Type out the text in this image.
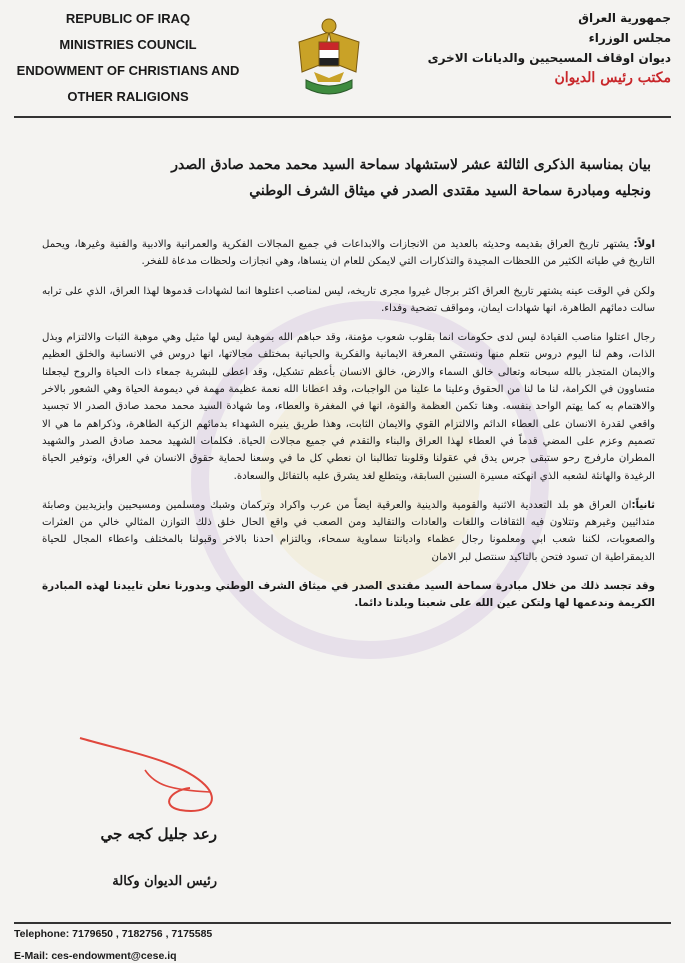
REPUBLIC OF IRAQ
MINISTRIES COUNCIL
ENDOWMENT OF CHRISTIANS AND
OTHER RALIGIONS
جمهورية العراق
مجلس الوزراء
ديوان اوقاف المسيحيين والديانات الاخرى
مكتب رئيس الديوان
بيان بمناسبة الذكرى الثالثة عشر لاستشهاد سماحة السيد محمد محمد صادق الصدر
ونجليه ومبادرة سماحة السيد مقتدى الصدر في ميثاق الشرف الوطني

اولاً: يشتهر تاريخ العراق بقديمه وحديثه بالعديد من الانجازات والابداعات في جميع المجالات الفكرية والعمرانية والادبية والفنية وغيرها، ويحمل التاريخ في طياته الكثير من اللحظات المجيدة والتذكارات التي لايمكن للعام ان ينساها، وهي انجازات ولحظات مدعاة للفخر.

ولكن في الوقت عينه يشتهر تاريخ العراق اكثر برجال غيروا مجرى تاريخه، ليس لمناصب اعتلوها انما لشهادات قدموها لهذا العراق، الذي على ترابه سالت دمائهم الطاهرة، انها شهادات ايمان، ومواقف تضحية وفداء.

رجال اعتلوا مناصب القيادة ليس لدى حكومات انما بقلوب شعوب مؤمنة، وقد حباهم الله بموهبة ليس لها مثيل وهي موهبة الثبات والالتزام وبذل الذات، وهم لنا اليوم دروس نتعلم منها ونستقي المعرفة الايمانية والفكرية والحياتية بمختلف مجالاتها، انها دروس في الانسانية والخلق العظيم والايمان المتجذر بالله سبحانه وتعالى خالق السماء والارض، خالق الانسان بأعظم تشكيل، وقد اعطى للبشرية جمعاء ذات الحياة والروح ليجعلنا متساوون في الكرامة، لنا ما لنا من الحقوق وعلينا ما علينا من الواجبات، وقد اعطانا الله نعمة عظيمة مهمة في ديمومة الحياة وهي الشعور بالاخر والاهتمام به كما يهتم الواحد بنفسه. وهنا تكمن العظمة والقوة، انها في المغفرة والعطاء، وما شهادة السيد محمد محمد صادق الصدر الا تجسيد واقعي لقدرة الانسان على العطاء الدائم والالتزام القوي والايمان الثابت، وهذا طريق ينيره الشهداء بدمائهم الزكية الطاهرة، وذكراهم ما هي الا تصميم وعزم على المضي قدماً في العطاء لهذا العراق والبناء والتقدم في جميع مجالات الحياة. فكلمات الشهيد محمد صادق الصدر والشهيد المطران مارفرج رحو ستبقى جرس يدق في عقولنا وقلوبنا تطالبنا ان نعطي كل ما في وسعنا لحماية حقوق الانسان في العراق، وتوفير الحياة الرغيدة والهانئة لشعبه الذي انهكته مسيرة السنين السابقة، ويتطلع لغد يشرق عليه بالتفائل والسعادة.

ثانياً:ان العراق هو بلد التعددية الاثنية والقومية والدينية والعرقية ايضاً من عرب واكراد وتركمان وشبك ومسلمين ومسيحيين وايزيديين وصابئة متدائيين وغيرهم وتتلاون فيه الثقافات واللغات والعادات والتقاليد ومن الصعب في واقع الحال خلق ذلك التوازن المثالي خالي من العثرات والصعوبات، لكننا شعب ابي ومعلمونا رجال عظماء واديانتا سماوية سمحاء، وبالتزام احدنا بالاخر وقبولنا بالمختلف واعطاء المجال للحياة الديمقراطية ان تسود فتحن بالتاكيد سنتصل لبر الامان

وقد تجسد ذلك من خلال مبادرة سماحة السيد مقتدى الصدر في ميثاق الشرف الوطني وبدورنا نعلن تاييدنا لهذه المبادرة الكريمة وندعمها لها ولتكن عين الله على شعبنا وبلدنا دائما.

رعد جليل كجه جي
رئيس الديوان وكالة
Telephone: 7179650 , 7182756 , 7175585
E-Mail: ces-endowment@cese.iq
